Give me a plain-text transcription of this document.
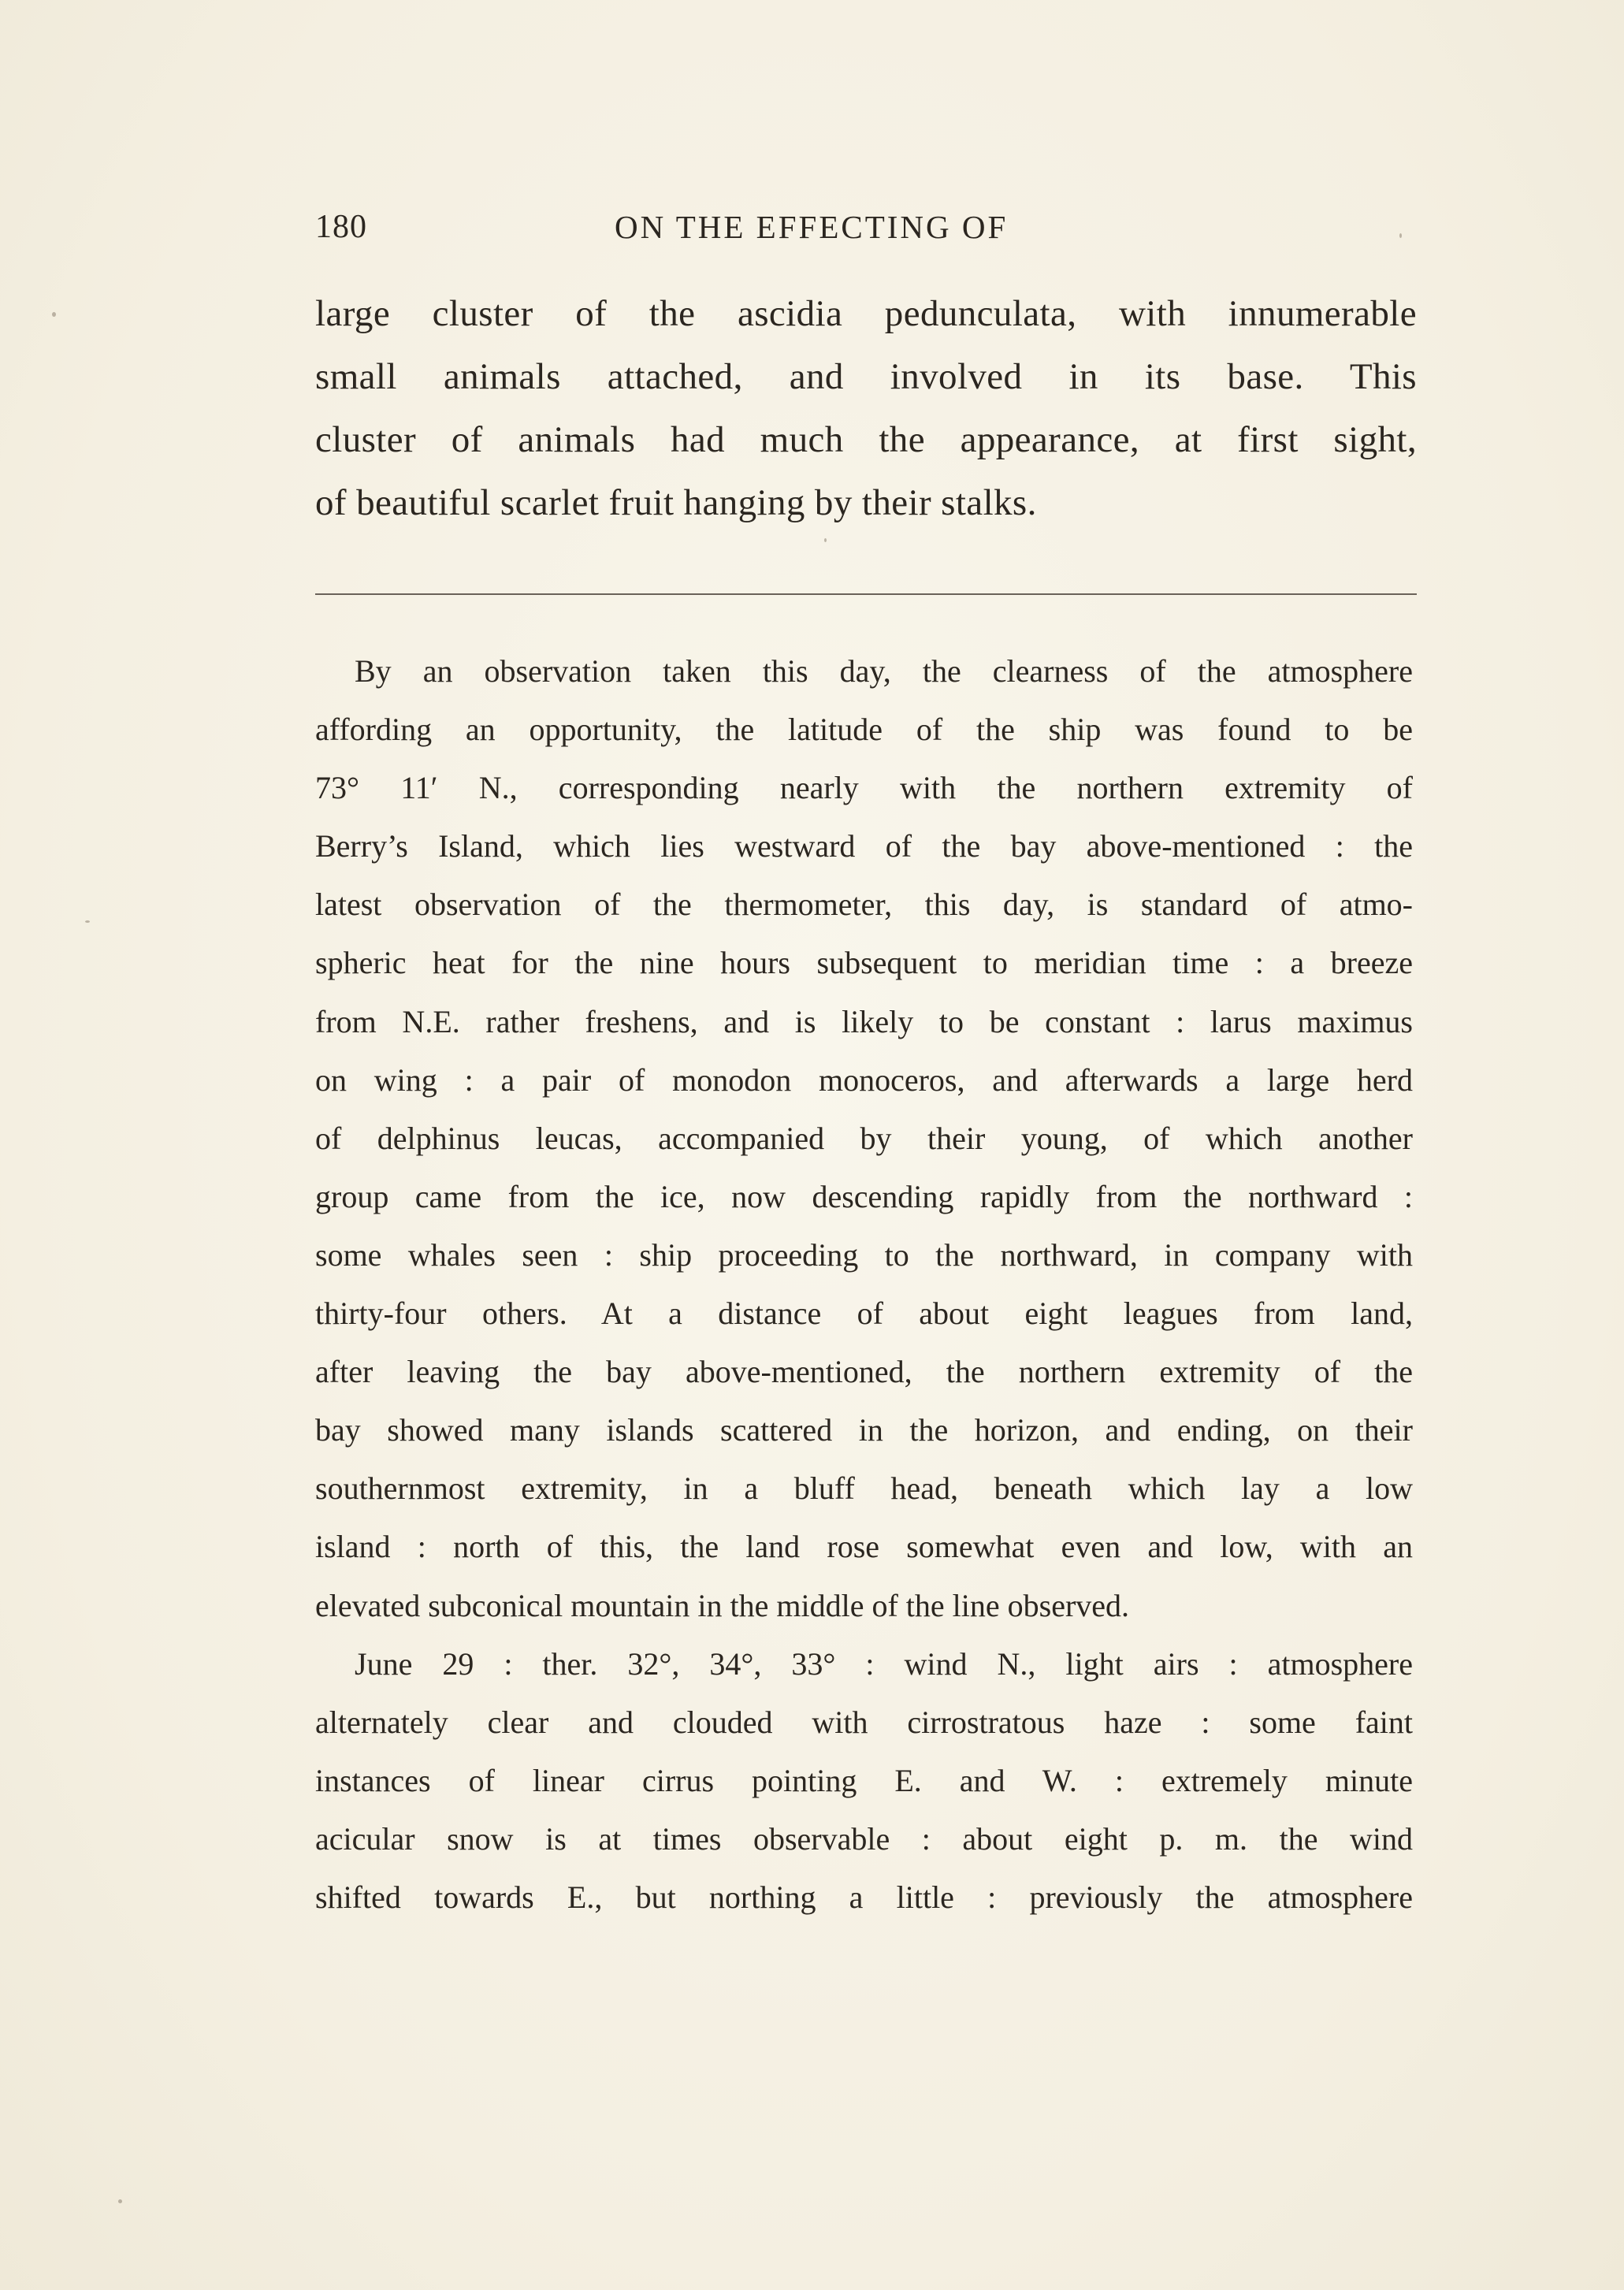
180	ON THE EFFECTING OF
large cluster of the ascidia pedunculata, with innumerable
small animals attached, and involved in its base. This
cluster of animals had much the appearance, at first sight,
of beautiful scarlet fruit hanging by their stalks.
By an observation taken this day, the clearness of the atmosphere
affording an opportunity, the latitude of the ship was found to be
73° 11′ N., corresponding nearly with the northern extremity of
Berry’s Island, which lies westward of the bay above-mentioned : the
latest observation of the thermometer, this day, is standard of atmo-
spheric heat for the nine hours subsequent to meridian time : a breeze
from N.E. rather freshens, and is likely to be constant : larus maximus
on wing : a pair of monodon monoceros, and afterwards a large herd
of delphinus leucas, accompanied by their young, of which another
group came from the ice, now descending rapidly from the northward :
some whales seen : ship proceeding to the northward, in company with
thirty-four others. At a distance of about eight leagues from land,
after leaving the bay above-mentioned, the northern extremity of the
bay showed many islands scattered in the horizon, and ending, on their
southernmost extremity, in a bluff head, beneath which lay a low
island : north of this, the land rose somewhat even and low, with an
elevated subconical mountain in the middle of the line observed.
June 29 : ther. 32°, 34°, 33° : wind N., light airs : atmosphere
alternately clear and clouded with cirrostratous haze : some faint
instances of linear cirrus pointing E. and W. : extremely minute
acicular snow is at times observable : about eight p. m. the wind
shifted towards E., but northing a little : previously the atmosphere
